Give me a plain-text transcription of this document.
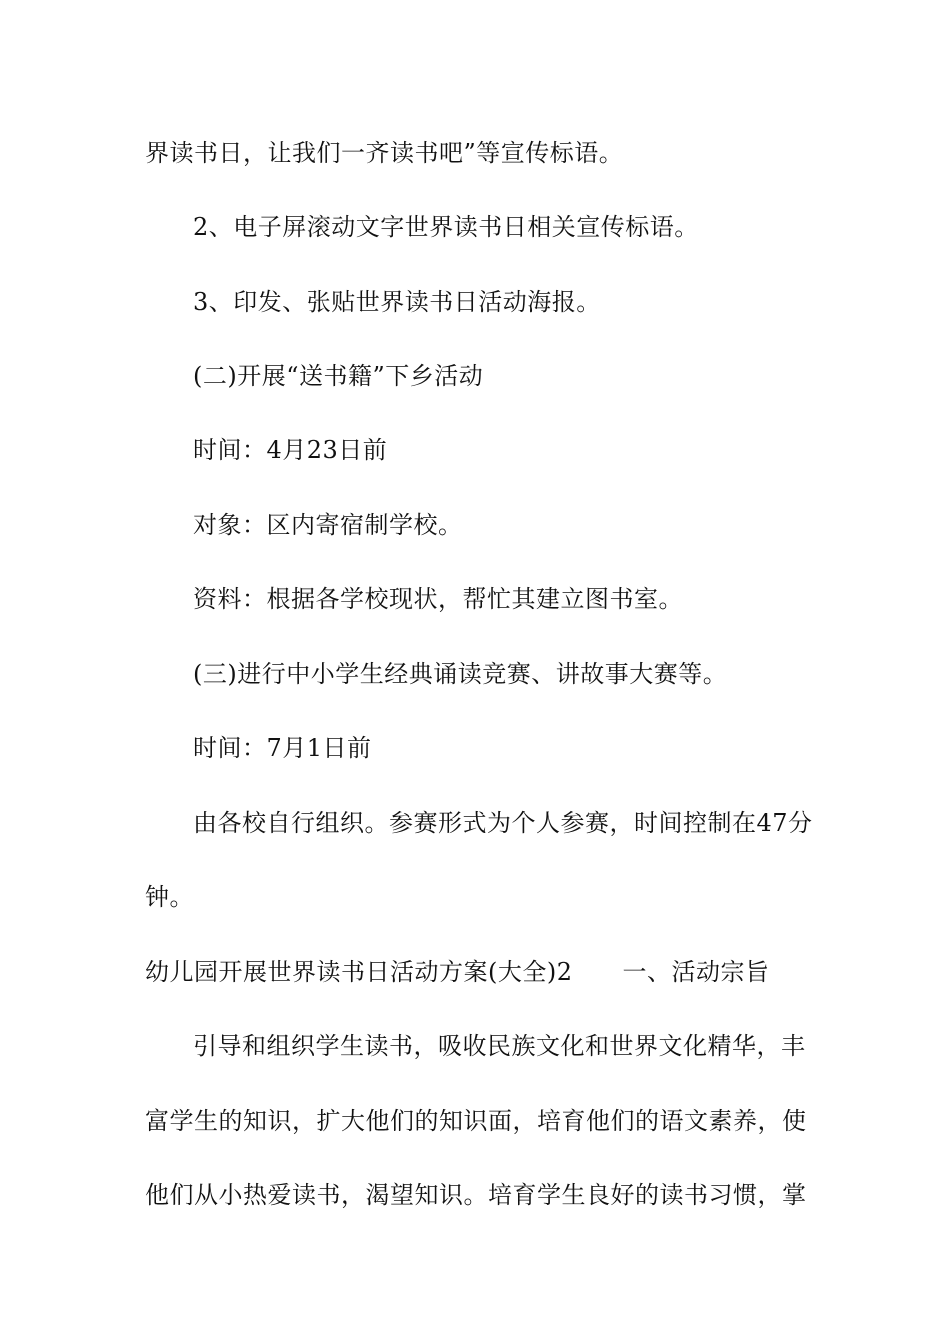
界读书日，让我们一齐读书吧”等宣传标语。
2、电子屏滚动文字世界读书日相关宣传标语。
3、印发、张贴世界读书日活动海报。
(二)开展“送书籍”下乡活动
时间：4月23日前
对象：区内寄宿制学校。
资料：根据各学校现状，帮忙其建立图书室。
(三)进行中小学生经典诵读竞赛、讲故事大赛等。
时间：7月1日前
由各校自行组织。参赛形式为个人参赛，时间控制在47分
钟。
幼儿园开展世界读书日活动方案(大全)2 一、活动宗旨
引导和组织学生读书，吸收民族文化和世界文化精华，丰
富学生的知识，扩大他们的知识面，培育他们的语文素养，使
他们从小热爱读书，渴望知识。培育学生良好的读书习惯，掌
